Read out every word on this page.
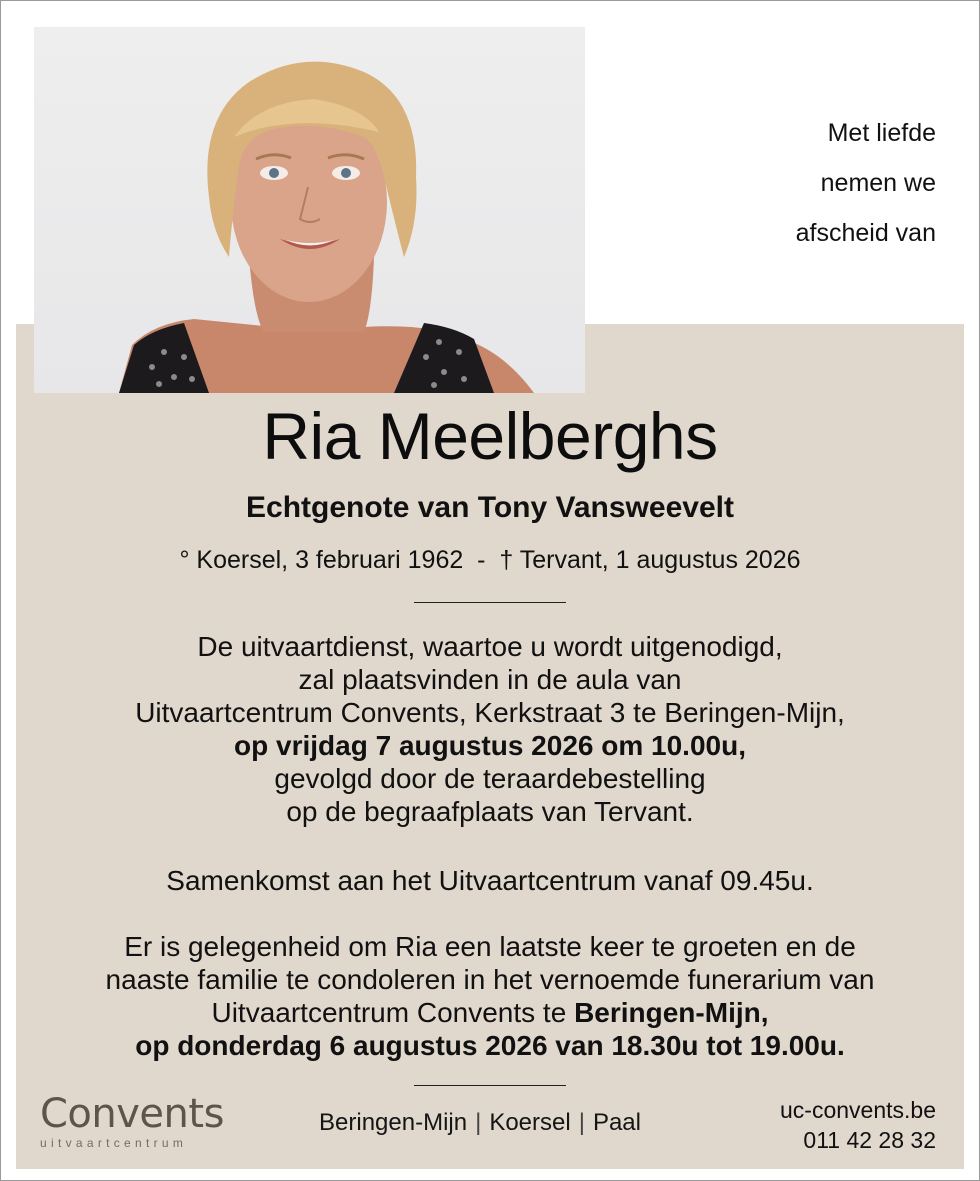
Met liefde
nemen we
afscheid van
Ria Meelberghs
Echtgenote van Tony Vansweevelt
° Koersel, 3 februari 1962  -  † Tervant, 1 augustus 2026
De uitvaartdienst, waartoe u wordt uitgenodigd,
zal plaatsvinden in de aula van
Uitvaartcentrum Convents, Kerkstraat 3 te Beringen-Mijn,
op vrijdag 7 augustus 2026 om 10.00u,
gevolgd door de teraardebestelling
op de begraafplaats van Tervant.
Samenkomst aan het Uitvaartcentrum vanaf 09.45u.
Er is gelegenheid om Ria een laatste keer te groeten en de
naaste familie te condoleren in het vernoemde funerarium van
Uitvaartcentrum Convents te Beringen-Mijn,
op donderdag 6 augustus 2026 van 18.30u tot 19.00u.
Convents
uitvaartcentrum
Beringen-Mijn | Koersel | Paal	uc-convents.be
011 42 28 32
